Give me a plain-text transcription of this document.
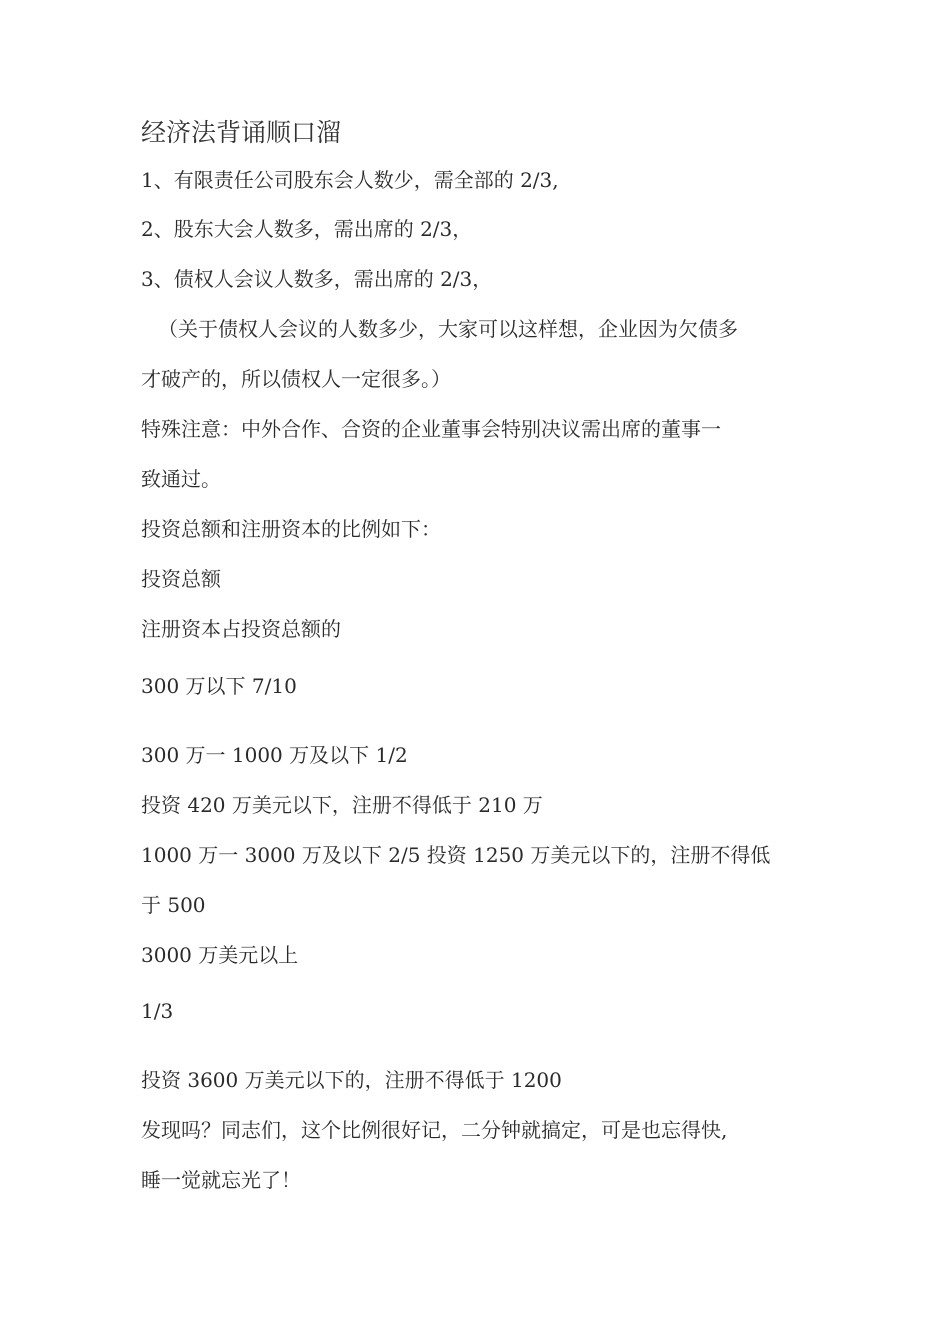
经济法背诵顺口溜

1、有限责任公司股东会人数少，需全部的 2/3,

2、股东大会人数多，需出席的 2/3，

3、债权人会议人数多，需出席的 2/3，

（关于债权人会议的人数多少，大家可以这样想，企业因为欠债多

才破产的，所以债权人一定很多。）

特殊注意：中外合作、合资的企业董事会特别决议需出席的董事一

致通过。

投资总额和注册资本的比例如下：

投资总额

注册资本占投资总额的

300 万以下 7/10

300 万一 1000 万及以下 1/2

投资 420 万美元以下，注册不得低于 210 万

1000 万一 3000 万及以下 2/5 投资 1250 万美元以下的，注册不得低

于 500

3000 万美元以上

1/3

投资 3600 万美元以下的，注册不得低于 1200

发现吗？同志们，这个比例很好记，二分钟就搞定，可是也忘得快,

睡一觉就忘光了！
